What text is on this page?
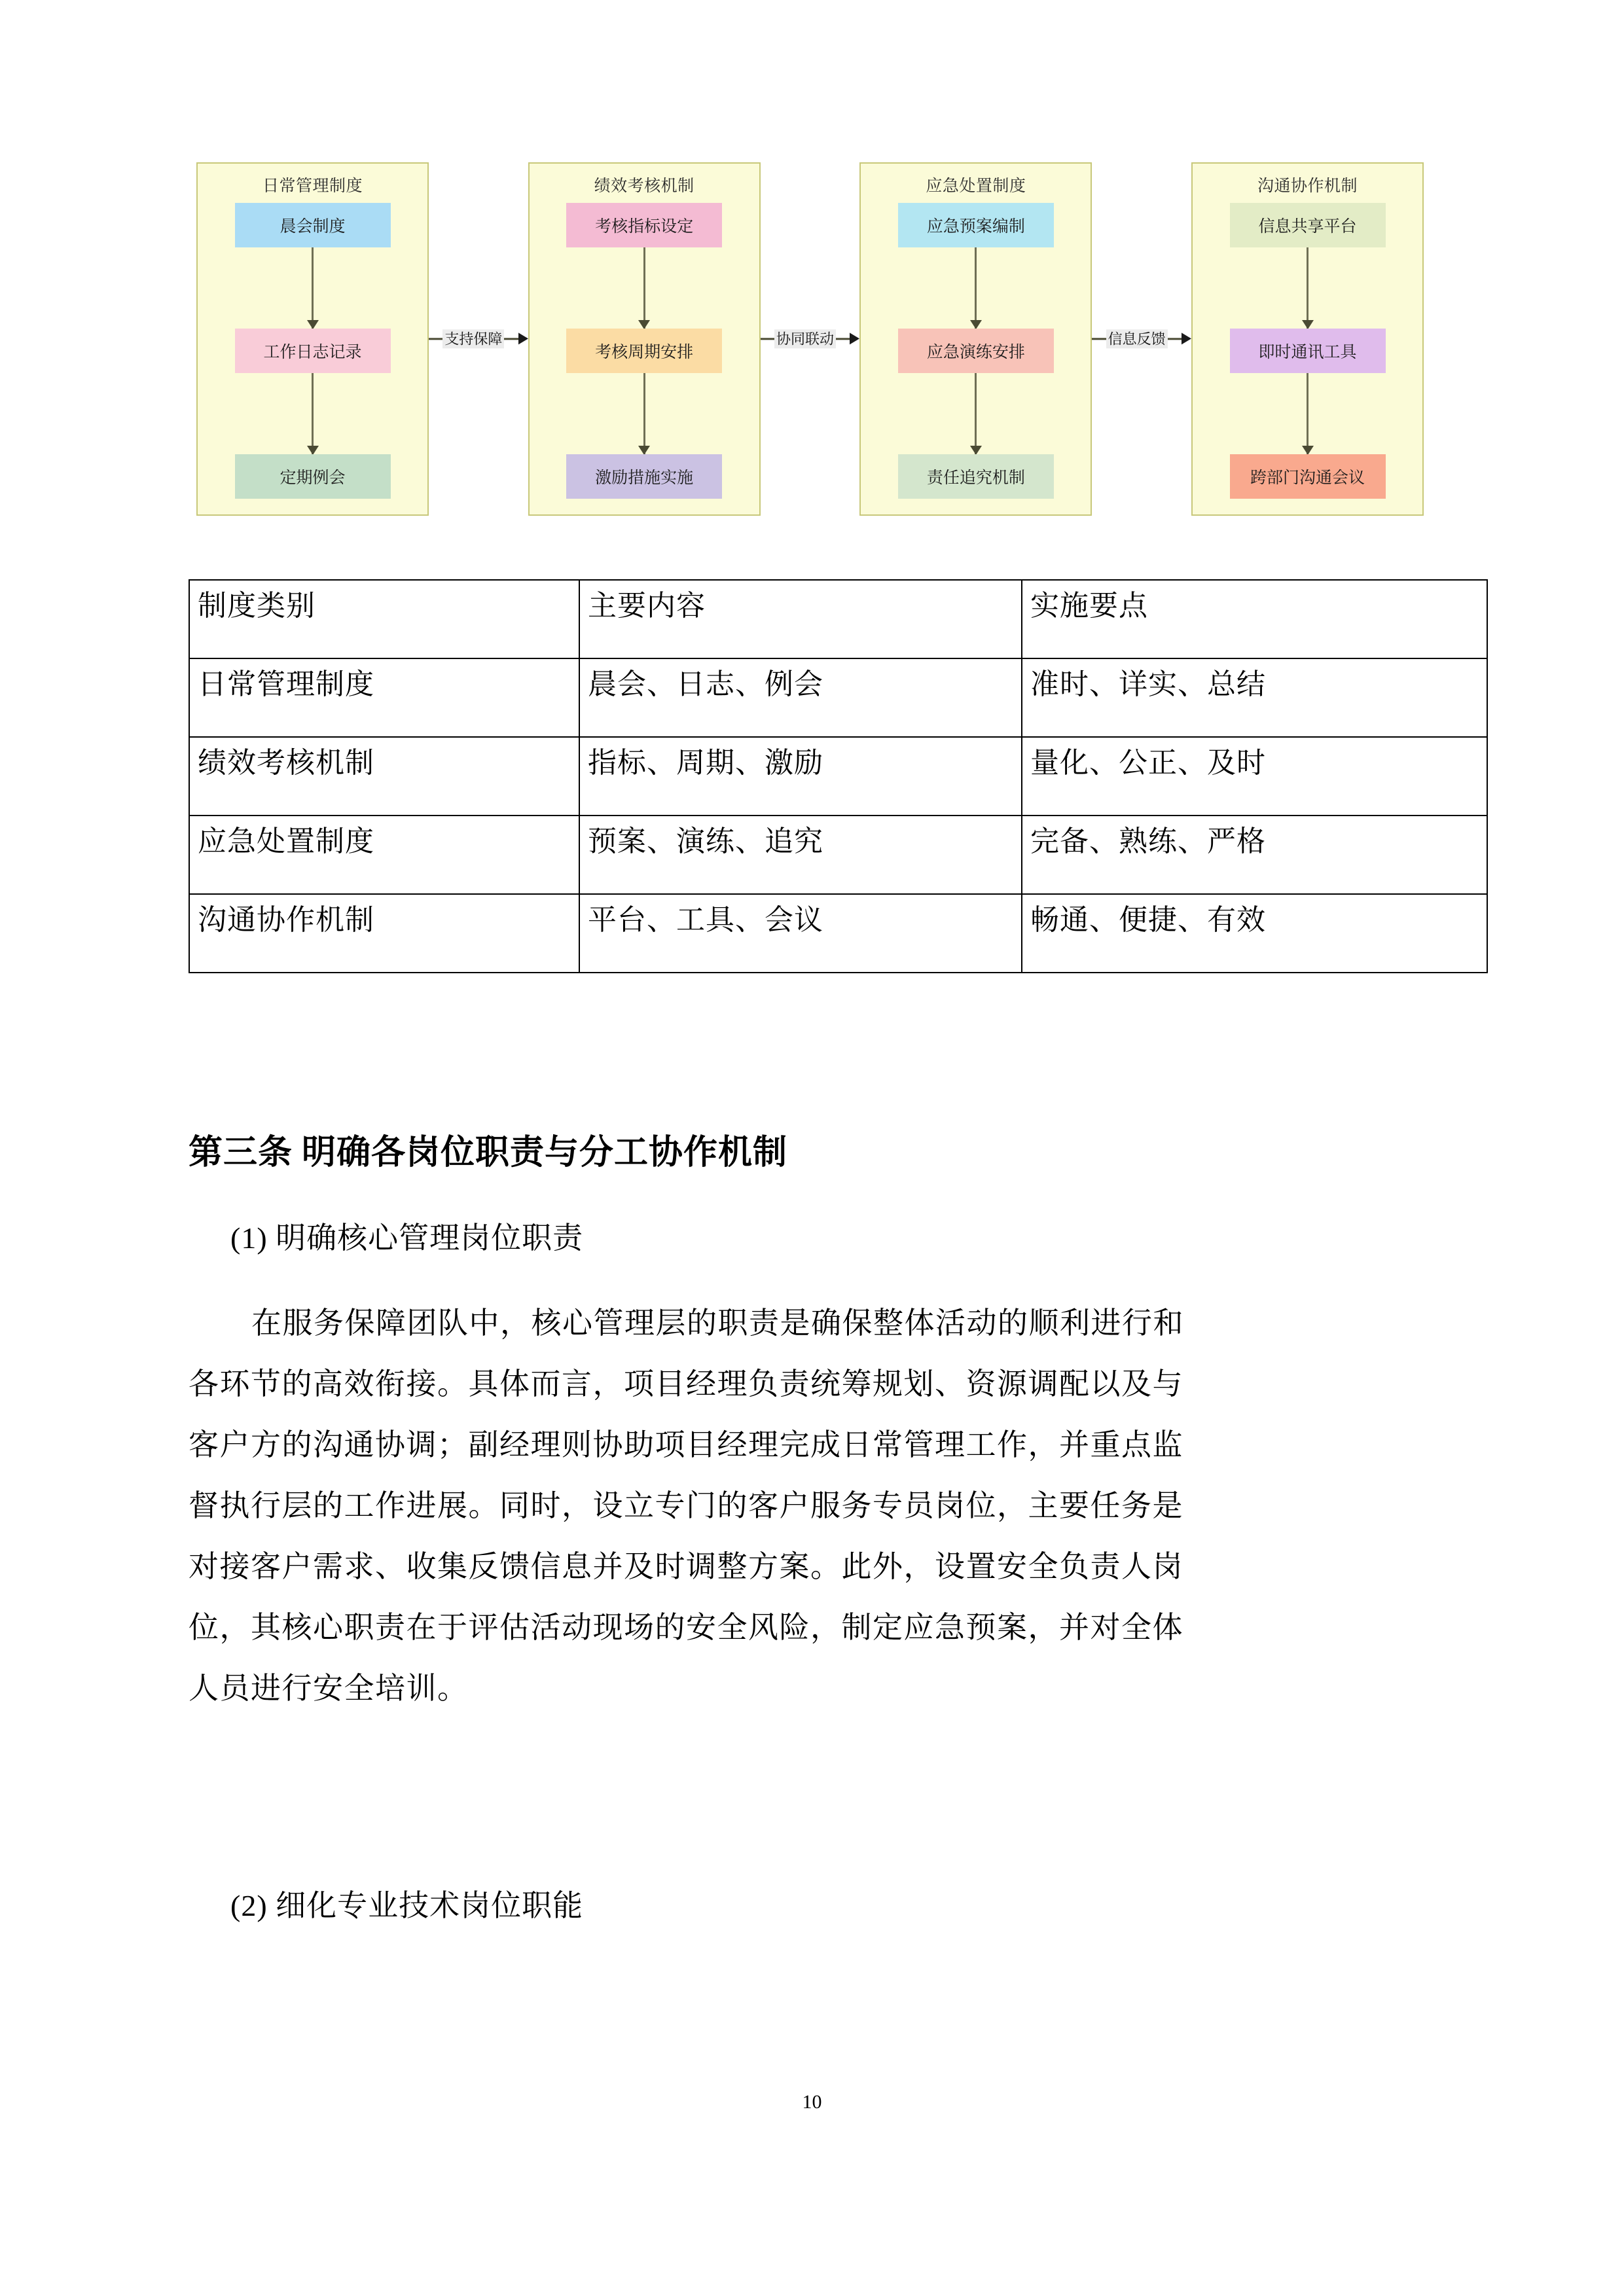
日常管理制度
晨会制度
工作日志记录
定期例会
支持保障
绩效考核机制
考核指标设定
考核周期安排
激励措施实施
协同联动
应急处置制度
应急预案编制
应急演练安排
责任追究机制
信息反馈
沟通协作机制
信息共享平台
即时通讯工具
跨部门沟通会议
制度类别	主要内容	实施要点
日常管理制度	晨会、日志、例会	准时、详实、总结
绩效考核机制	指标、周期、激励	量化、公正、及时
应急处置制度	预案、演练、追究	完备、熟练、严格
沟通协作机制	平台、工具、会议	畅通、便捷、有效
第三条 明确各岗位职责与分工协作机制
(1) 明确核心管理岗位职责
在服务保障团队中，核心管理层的职责是确保整体活动的顺利进行和
各环节的高效衔接。具体而言，项目经理负责统筹规划、资源调配以及与
客户方的沟通协调；副经理则协助项目经理完成日常管理工作，并重点监
督执行层的工作进展。同时，设立专门的客户服务专员岗位，主要任务是
对接客户需求、收集反馈信息并及时调整方案。此外，设置安全负责人岗
位，其核心职责在于评估活动现场的安全风险，制定应急预案，并对全体
人员进行安全培训。
(2) 细化专业技术岗位职能
10
